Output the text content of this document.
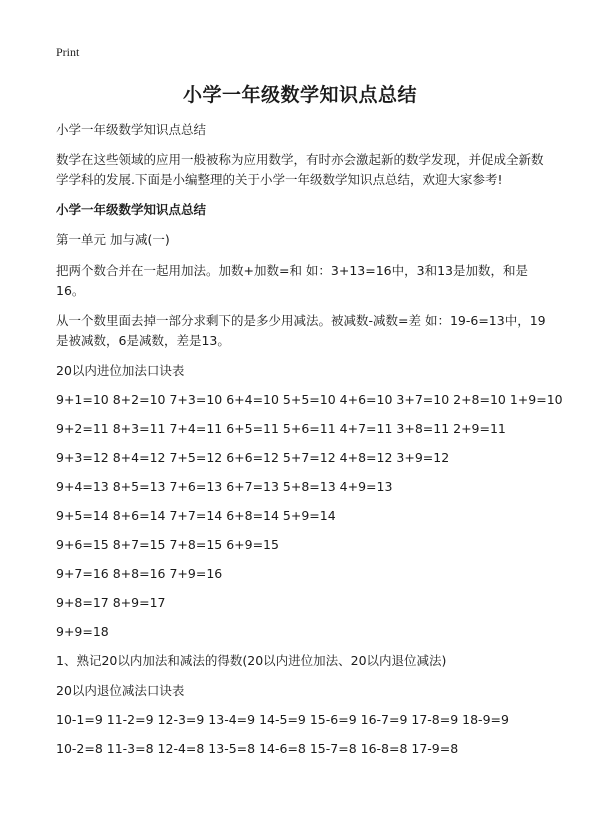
Print
小学一年级数学知识点总结

小学一年级数学知识点总结

数学在这些领域的应用一般被称为应用数学，有时亦会激起新的数学发现，并促成全新数学学科的发展.下面是小编整理的关于小学一年级数学知识点总结，欢迎大家参考!

小学一年级数学知识点总结

第一单元 加与减(一)

把两个数合并在一起用加法。加数+加数=和 如：3+13=16中，3和13是加数，和是16。

从一个数里面去掉一部分求剩下的是多少用减法。被减数-减数=差 如：19-6=13中，19是被减数，6是减数，差是13。

20以内进位加法口诀表

9+1=10 8+2=10 7+3=10 6+4=10 5+5=10 4+6=10 3+7=10 2+8=10 1+9=10

9+2=11 8+3=11 7+4=11 6+5=11 5+6=11 4+7=11 3+8=11 2+9=11

9+3=12 8+4=12 7+5=12 6+6=12 5+7=12 4+8=12 3+9=12

9+4=13 8+5=13 7+6=13 6+7=13 5+8=13 4+9=13

9+5=14 8+6=14 7+7=14 6+8=14 5+9=14

9+6=15 8+7=15 7+8=15 6+9=15

9+7=16 8+8=16 7+9=16

9+8=17 8+9=17

9+9=18

1、熟记20以内加法和减法的得数(20以内进位加法、20以内退位减法)

20以内退位减法口诀表

10-1=9 11-2=9 12-3=9 13-4=9 14-5=9 15-6=9 16-7=9 17-8=9 18-9=9

10-2=8 11-3=8 12-4=8 13-5=8 14-6=8 15-7=8 16-8=8 17-9=8
